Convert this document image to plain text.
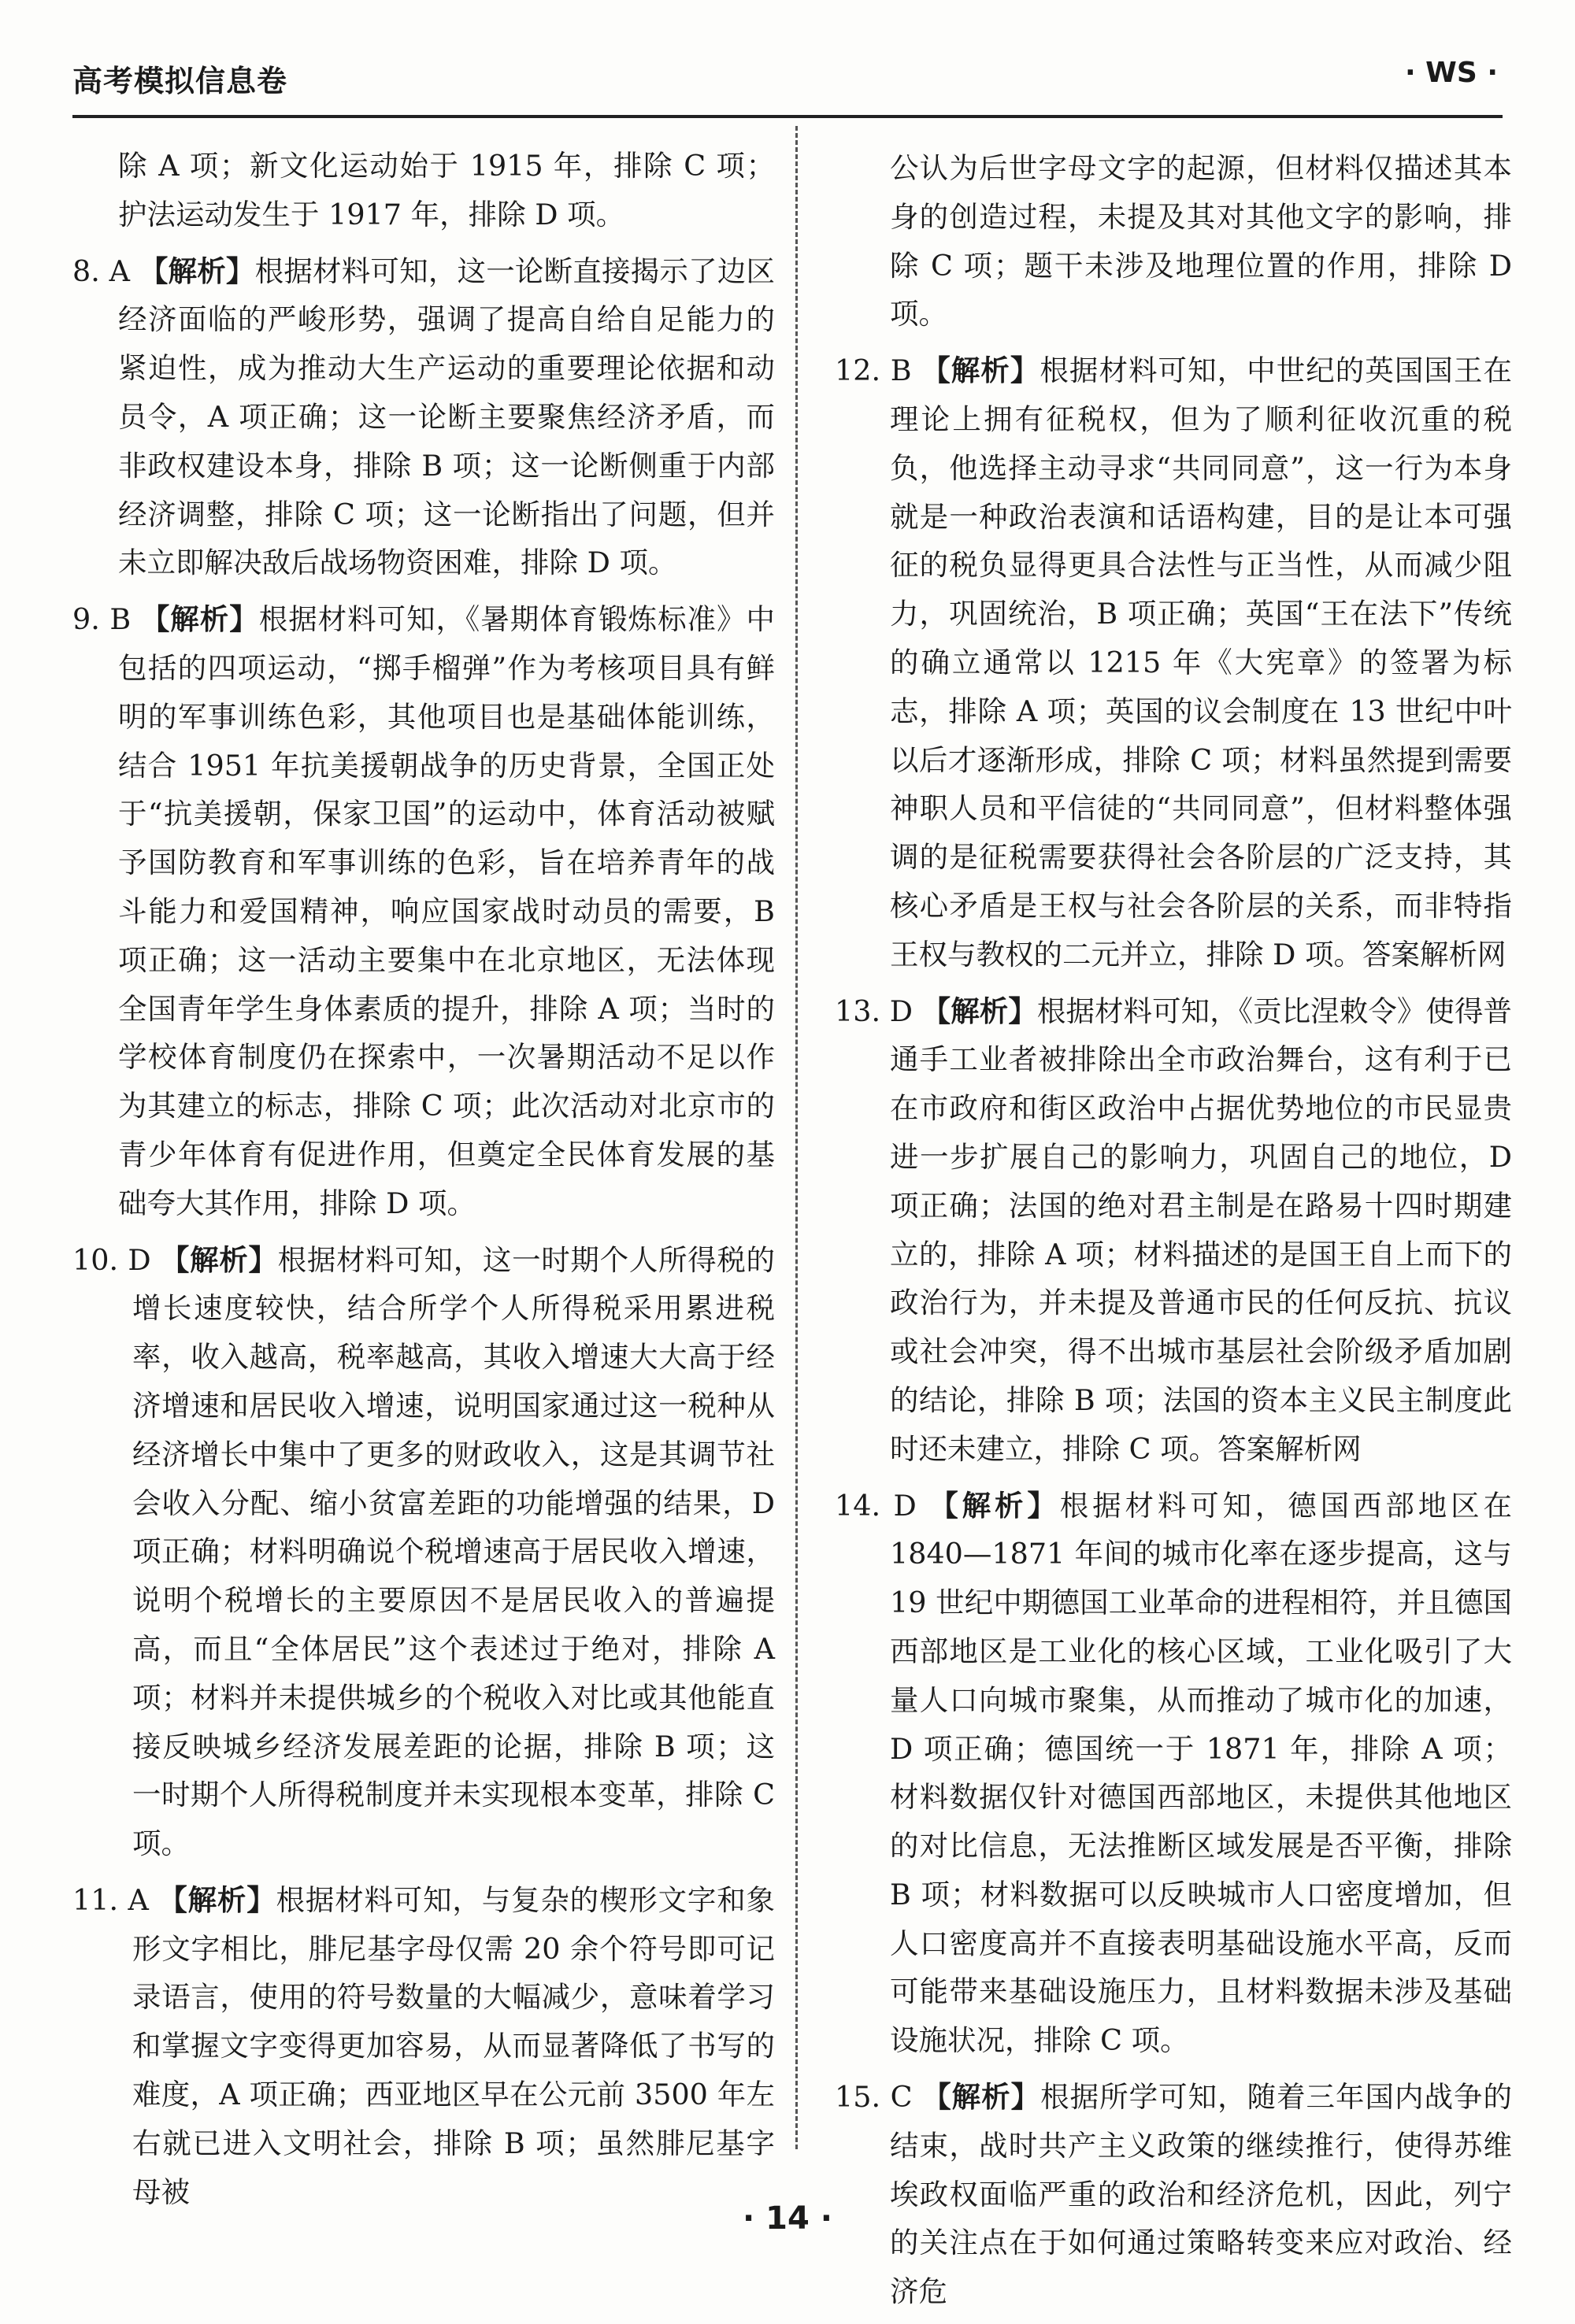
高考模拟信息卷	· WS ·
除 A 项；新文化运动始于 1915 年，排除 C 项；护法运动发生于 1917 年，排除 D 项。
8. A 【解析】根据材料可知，这一论断直接揭示了边区经济面临的严峻形势，强调了提高自给自足能力的紧迫性，成为推动大生产运动的重要理论依据和动员令，A 项正确；这一论断主要聚焦经济矛盾，而非政权建设本身，排除 B 项；这一论断侧重于内部经济调整，排除 C 项；这一论断指出了问题，但并未立即解决敌后战场物资困难，排除 D 项。
9. B 【解析】根据材料可知，《暑期体育锻炼标准》中包括的四项运动，“掷手榴弹”作为考核项目具有鲜明的军事训练色彩，其他项目也是基础体能训练，结合 1951 年抗美援朝战争的历史背景，全国正处于“抗美援朝，保家卫国”的运动中，体育活动被赋予国防教育和军事训练的色彩，旨在培养青年的战斗能力和爱国精神，响应国家战时动员的需要，B 项正确；这一活动主要集中在北京地区，无法体现全国青年学生身体素质的提升，排除 A 项；当时的学校体育制度仍在探索中，一次暑期活动不足以作为其建立的标志，排除 C 项；此次活动对北京市的青少年体育有促进作用，但奠定全民体育发展的基础夸大其作用，排除 D 项。
10. D 【解析】根据材料可知，这一时期个人所得税的增长速度较快，结合所学个人所得税采用累进税率，收入越高，税率越高，其收入增速大大高于经济增速和居民收入增速，说明国家通过这一税种从经济增长中集中了更多的财政收入，这是其调节社会收入分配、缩小贫富差距的功能增强的结果，D 项正确；材料明确说个税增速高于居民收入增速，说明个税增长的主要原因不是居民收入的普遍提高，而且“全体居民”这个表述过于绝对，排除 A 项；材料并未提供城乡的个税收入对比或其他能直接反映城乡经济发展差距的论据，排除 B 项；这一时期个人所得税制度并未实现根本变革，排除 C 项。
11. A 【解析】根据材料可知，与复杂的楔形文字和象形文字相比，腓尼基字母仅需 20 余个符号即可记录语言，使用的符号数量的大幅减少，意味着学习和掌握文字变得更加容易，从而显著降低了书写的难度，A 项正确；西亚地区早在公元前 3500 年左右就已进入文明社会，排除 B 项；虽然腓尼基字母被
公认为后世字母文字的起源，但材料仅描述其本身的创造过程，未提及其对其他文字的影响，排除 C 项；题干未涉及地理位置的作用，排除 D 项。
12. B 【解析】根据材料可知，中世纪的英国国王在理论上拥有征税权，但为了顺利征收沉重的税负，他选择主动寻求“共同同意”，这一行为本身就是一种政治表演和话语构建，目的是让本可强征的税负显得更具合法性与正当性，从而减少阻力，巩固统治，B 项正确；英国“王在法下”传统的确立通常以 1215 年《大宪章》的签署为标志，排除 A 项；英国的议会制度在 13 世纪中叶以后才逐渐形成，排除 C 项；材料虽然提到需要神职人员和平信徒的“共同同意”，但材料整体强调的是征税需要获得社会各阶层的广泛支持，其核心矛盾是王权与社会各阶层的关系，而非特指王权与教权的二元并立，排除 D 项。答案解析网
13. D 【解析】根据材料可知，《贡比涅敕令》使得普通手工业者被排除出全市政治舞台，这有利于已在市政府和街区政治中占据优势地位的市民显贵进一步扩展自己的影响力，巩固自己的地位，D 项正确；法国的绝对君主制是在路易十四时期建立的，排除 A 项；材料描述的是国王自上而下的政治行为，并未提及普通市民的任何反抗、抗议或社会冲突，得不出城市基层社会阶级矛盾加剧的结论，排除 B 项；法国的资本主义民主制度此时还未建立，排除 C 项。答案解析网
14. D 【解析】根据材料可知，德国西部地区在 1840—1871 年间的城市化率在逐步提高，这与 19 世纪中期德国工业革命的进程相符，并且德国西部地区是工业化的核心区域，工业化吸引了大量人口向城市聚集，从而推动了城市化的加速，D 项正确；德国统一于 1871 年，排除 A 项；材料数据仅针对德国西部地区，未提供其他地区的对比信息，无法推断区域发展是否平衡，排除 B 项；材料数据可以反映城市人口密度增加，但人口密度高并不直接表明基础设施水平高，反而可能带来基础设施压力，且材料数据未涉及基础设施状况，排除 C 项。
15. C 【解析】根据所学可知，随着三年国内战争的结束，战时共产主义政策的继续推行，使得苏维埃政权面临严重的政治和经济危机，因此，列宁的关注点在于如何通过策略转变来应对政治、经济危
· 14 ·
